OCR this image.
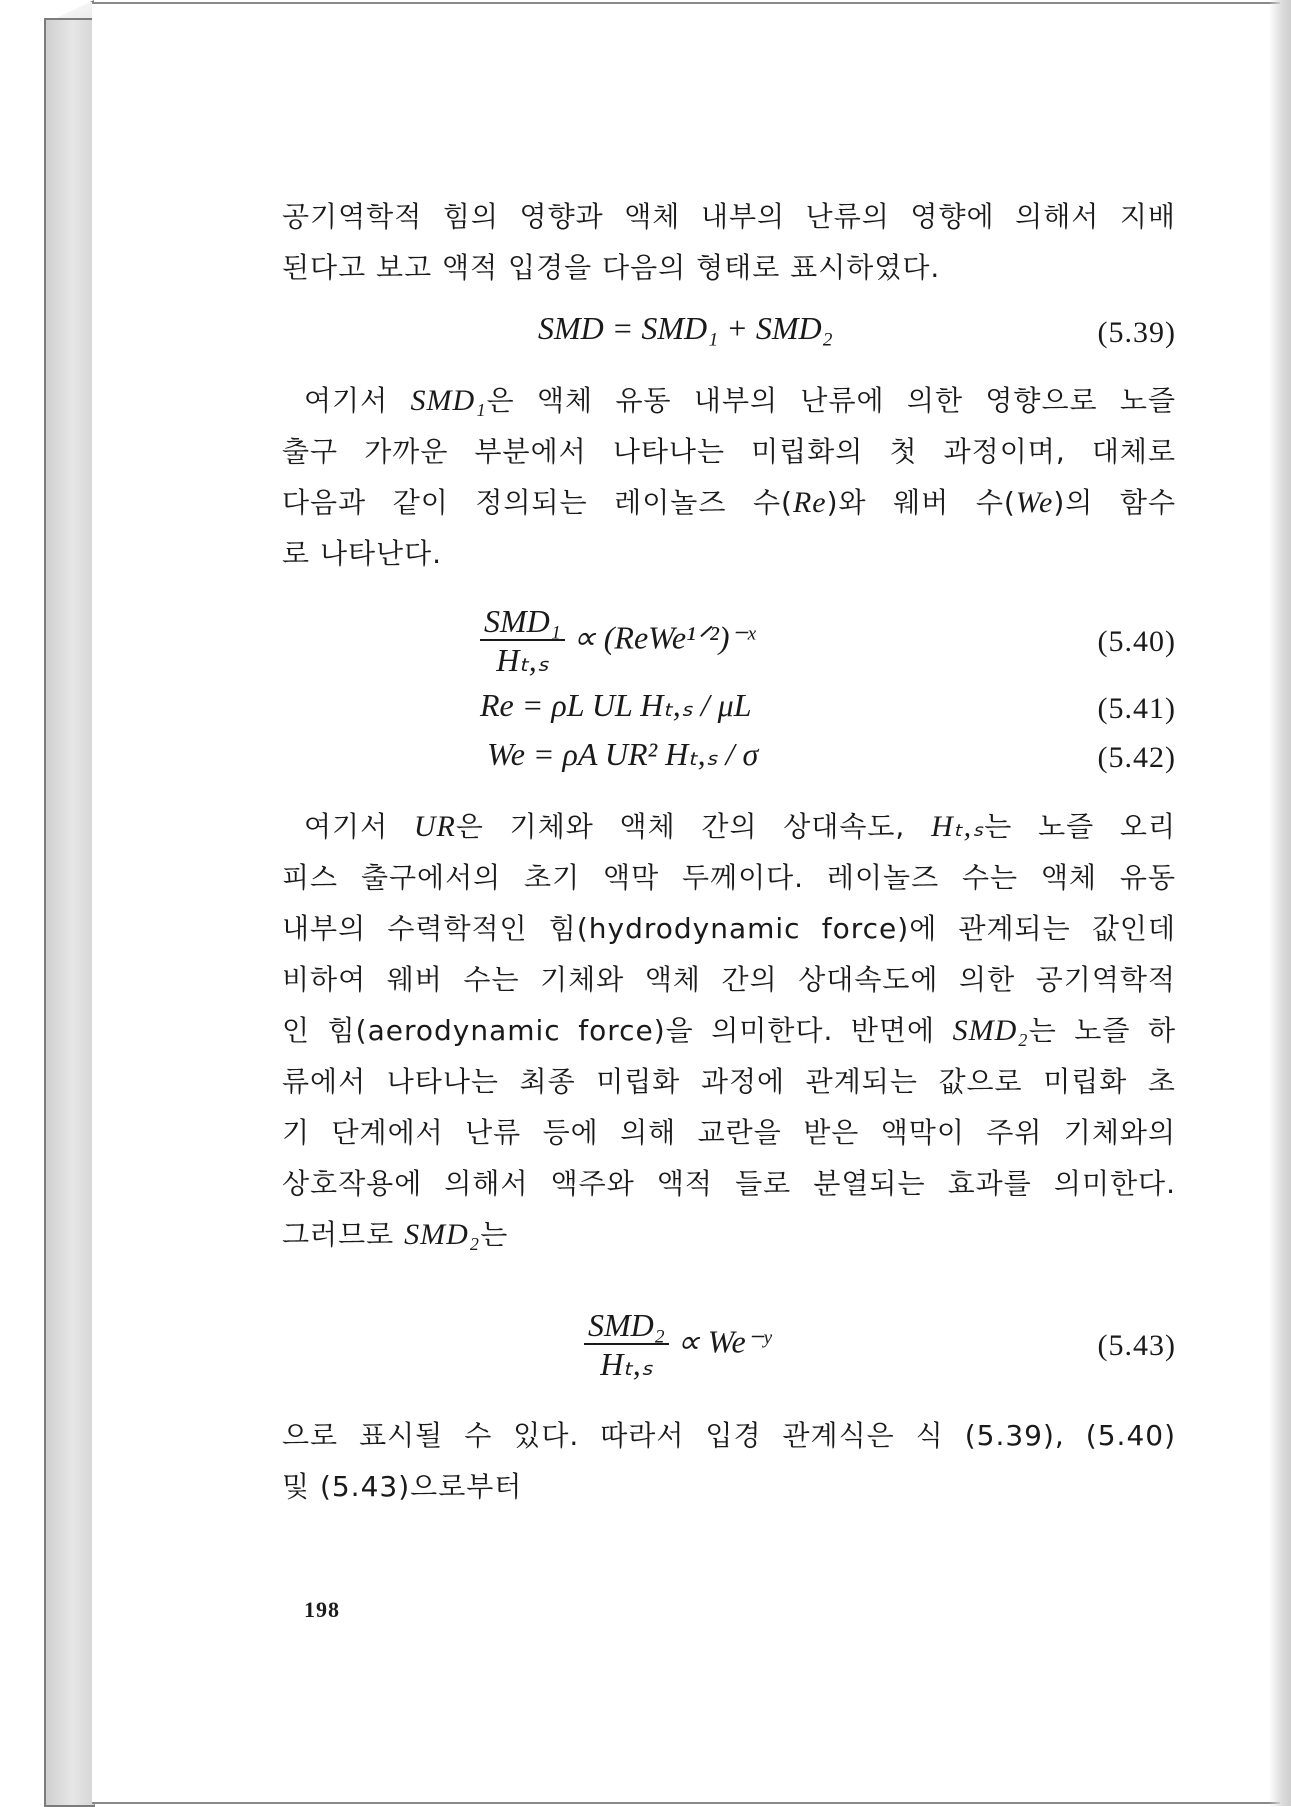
공기역학적 힘의 영향과 액체 내부의 난류의 영향에 의해서 지배
된다고 보고 액적 입경을 다음의 형태로 표시하였다.
SMD = SMD₁ + SMD₂	(5.39)
여기서 SMD₁은 액체 유동 내부의 난류에 의한 영향으로 노즐
출구 가까운 부분에서 나타나는 미립화의 첫 과정이며, 대체로
다음과 같이 정의되는 레이놀즈 수(Re)와 웨버 수(We)의 함수
로 나타난다.
$\frac{\text{SMD₁}}{\text{Hₜ,ₛ}}$ ∝ (ReWe¹ᐟ²)⁻ˣ	(5.40)
Re = ρL UL Hₜ,ₛ / μL	(5.41)
We = ρA UR² Hₜ,ₛ / σ	(5.42)
여기서 UR은 기체와 액체 간의 상대속도, Hₜ,ₛ는 노즐 오리
피스 출구에서의 초기 액막 두께이다. 레이놀즈 수는 액체 유동
내부의 수력학적인 힘(hydrodynamic force)에 관계되는 값인데
비하여 웨버 수는 기체와 액체 간의 상대속도에 의한 공기역학적
인 힘(aerodynamic force)을 의미한다. 반면에 SMD₂는 노즐 하
류에서 나타나는 최종 미립화 과정에 관계되는 값으로 미립화 초
기 단계에서 난류 등에 의해 교란을 받은 액막이 주위 기체와의
상호작용에 의해서 액주와 액적 들로 분열되는 효과를 의미한다.
그러므로 SMD₂는
$\frac{\text{SMD₂}}{\text{Hₜ,ₛ}}$ ∝ We⁻ʸ	(5.43)
으로 표시될 수 있다. 따라서 입경 관계식은 식 (5.39), (5.40)
및 (5.43)으로부터
198
